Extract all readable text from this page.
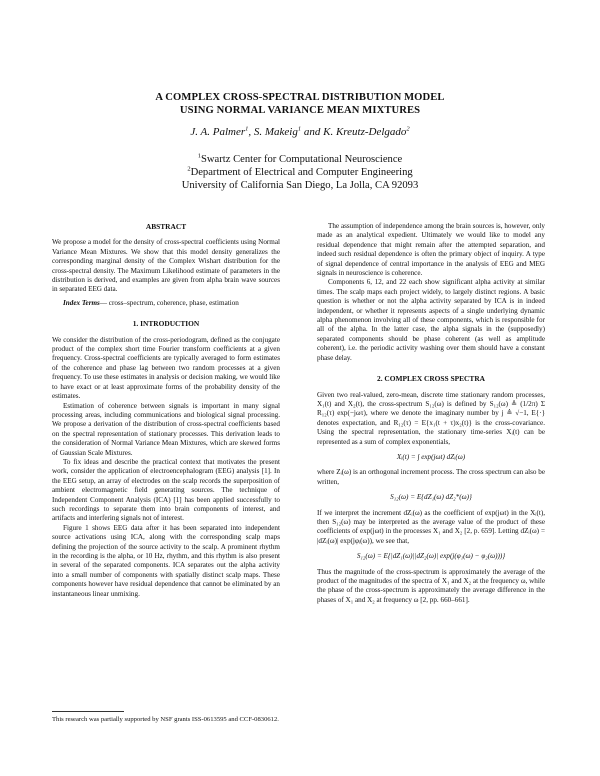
A COMPLEX CROSS-SPECTRAL DISTRIBUTION MODEL
USING NORMAL VARIANCE MEAN MIXTURES
J. A. Palmer$^1$, S. Makeig$^1$ and K. Kreutz-Delgado$^2$
$^1$Swartz Center for Computational Neuroscience
$^2$Department of Electrical and Computer Engineering
University of California San Diego, La Jolla, CA 92093
ABSTRACT

We propose a model for the density of cross-spectral coefficients using Normal Variance Mean Mixtures. We show that this model density generalizes the corresponding marginal density of the Complex Wishart distribution for the cross-spectral density. The Maximum Likelihood estimate of parameters in the distribution is derived, and examples are given from alpha brain wave sources in separated EEG data.

Index Terms— cross–spectrum, coherence, phase, estimation

1. INTRODUCTION

We consider the distribution of the cross-periodogram, defined as the conjugate product of the complex short time Fourier transform coefficients at a given frequency. Cross-spectral coefficients are typically averaged to form estimates of the coherence and phase lag between two random processes at a given frequency. To use these estimates in analysis or decision making, we would like to have exact or at least approximate forms of the probability density of the estimates.

Estimation of coherence between signals is important in many signal processing areas, including communications and biological signal processing. We propose a derivation of the distribution of cross-spectral coefficients based on the spectral representation of stationary processes. This derivation leads to the consideration of Normal Variance Mean Mixtures, which are skewed forms of Gaussian Scale Mixtures.

To fix ideas and describe the practical context that motivates the present work, consider the application of electroencephalogram (EEG) analysis [1]. In the EEG setup, an array of electrodes on the scalp records the superposition of ambient electromagnetic field generating sources. The technique of Independent Component Analysis (ICA) [1] has been applied successfully to such recordings to separate them into brain components of interest, and artifacts and interfering signals not of interest.

Figure 1 shows EEG data after it has been separated into independent source activations using ICA, along with the corresponding scalp maps defining the projection of the source activity to the scalp. A prominent rhythm in the recording is the alpha, or 10 Hz, rhythm, and this rhythm is also present in several of the separated components. ICA separates out the alpha activity into a small number of components with spatially distinct scalp maps. These components however have residual dependence that cannot be eliminated by an instantaneous linear unmixing.

This research was partially supported by NSF grants ISS-0613595 and CCF-0830612.

The assumption of independence among the brain sources is, however, only made as an analytical expedient. Ultimately we would like to model any residual dependence that might remain after the attempted separation, and indeed such residual dependence is often the primary object of inquiry. A type of signal dependence of central importance in the analysis of EEG and MEG signals in neuroscience is coherence.

Components 6, 12, and 22 each show significant alpha activity at similar times. The scalp maps each project widely, to largely distinct regions. A basic question is whether or not the alpha activity separated by ICA is in indeed independent, or whether it represents aspects of a single underlying dynamic alpha phenomenon involving all of these components, which is responsible for all of the alpha. In the latter case, the alpha signals in the (supposedly) separated components should be phase coherent (as well as amplitude coherent), i.e. the periodic activity washing over them should have a constant phase delay.

2. COMPLEX CROSS SPECTRA

Given two real-valued, zero-mean, discrete time stationary random processes, X₁(t) and X₂(t), the cross-spectrum S₁₂(ω) is defined by S₁₂(ω) ≜ (1/2π) Σ R₁₂(τ) exp(−jωτ), where we denote the imaginary number by j ≜ √−1, E{·} denotes expectation, and R₁₂(τ) = E{x₁(t + τ)x₂(t)} is the cross-covariance. Using the spectral representation, the stationary time-series Xᵢ(t) can be represented as a sum of complex exponentials,

Xᵢ(t) = ∫ exp(jωt) dZᵢ(ω)

where Zᵢ(ω) is an orthogonal increment process. The cross spectrum can also be written,

S₁₂(ω) = E{dZ₁(ω) dZ₂*(ω)}

If we interpret the increment dZᵢ(ω) as the coefficient of exp(jωt) in the Xᵢ(t), then S₁₂(ω) may be interpreted as the average value of the product of these coefficients of exp(jωt) in the processes X₁ and X₂ [2, p. 659]. Letting dZᵢ(ω) = |dZᵢ(ω)| exp(jφᵢ(ω)), we see that,

S₁₂(ω) = E{|dZ₁(ω)||dZ₂(ω)| exp(j(φ₁(ω) − φ₂(ω)))}

Thus the magnitude of the cross-spectrum is approximately the average of the product of the magnitudes of the spectra of X₁ and X₂ at the frequency ω, while the phase of the cross-spectrum is approximately the average difference in the phases of X₁ and X₂ at frequency ω [2, pp. 660–661].
